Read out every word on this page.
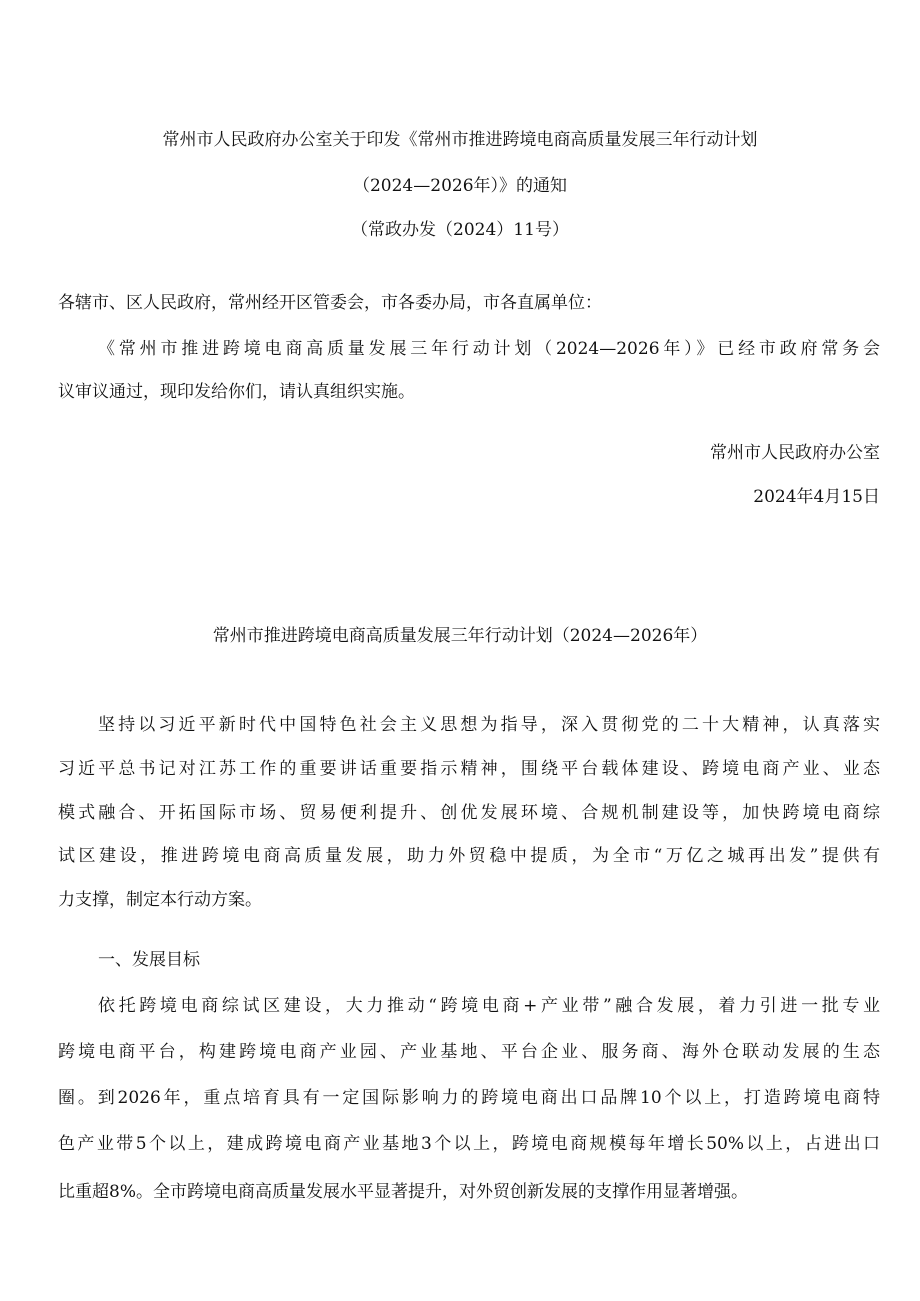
常州市人民政府办公室关于印发《常州市推进跨境电商高质量发展三年行动计划
（2024—2026年）》的通知
（常政办发（2024）11号）
各辖市、区人民政府，常州经开区管委会，市各委办局，市各直属单位：
《常州市推进跨境电商高质量发展三年行动计划（2024—2026年）》已经市政府常务会
议审议通过，现印发给你们，请认真组织实施。
常州市人民政府办公室
2024年4月15日
常州市推进跨境电商高质量发展三年行动计划（2024—2026年）
坚持以习近平新时代中国特色社会主义思想为指导，深入贯彻党的二十大精神，认真落实
习近平总书记对江苏工作的重要讲话重要指示精神，围绕平台载体建设、跨境电商产业、业态
模式融合、开拓国际市场、贸易便利提升、创优发展环境、合规机制建设等，加快跨境电商综
试区建设，推进跨境电商高质量发展，助力外贸稳中提质，为全市“万亿之城再出发”提供有
力支撑，制定本行动方案。
一、发展目标
依托跨境电商综试区建设，大力推动“跨境电商+产业带”融合发展，着力引进一批专业
跨境电商平台，构建跨境电商产业园、产业基地、平台企业、服务商、海外仓联动发展的生态
圈。到2026年，重点培育具有一定国际影响力的跨境电商出口品牌10个以上，打造跨境电商特
色产业带5个以上，建成跨境电商产业基地3个以上，跨境电商规模每年增长50%以上，占进出口
比重超8%。全市跨境电商高质量发展水平显著提升，对外贸创新发展的支撑作用显著增强。
